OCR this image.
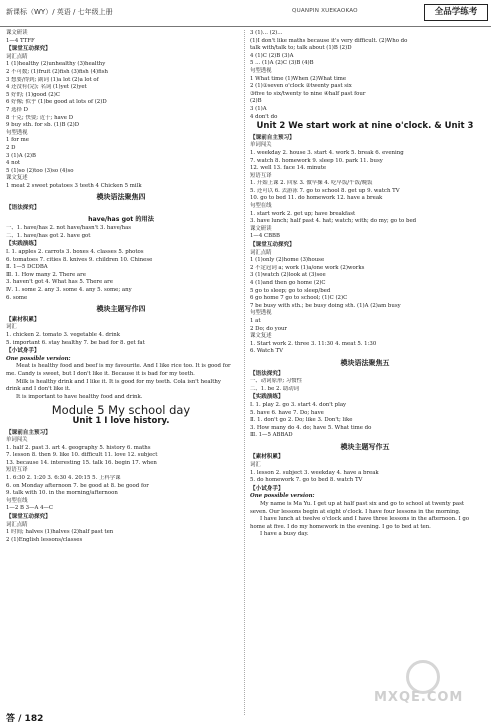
新课标（WY）/ 英语 / 七年级上册	QUANPIN XUEKAOKAO	全品学练考
课文研读
1—4 TTFF
【课堂互动探究】
词汇点睛
1 (1)healthy (2)unhealthy (3)healthy
2 不可数; (1)fruit (2)fish (3)fish (4)fish
3 想要/得到; 副词 (1)a lot (2)a lot of
4 还没有(完); 名词 (1)yet (2)yet
5 好的; (1)good (2)C
6 好像; 似乎 (1)be good at lots of (2)D
7 选择 D
8 千克; 快要; 近于; have D
9 buy sth. for sb. (1)B (2)D
句型透视
1 for me
2 D
3 (1)A (2)B
4 not
5 (1)so (2)too (3)so (4)so
课文复述
1 meat 2 sweet potatoes 3 teeth 4 Chicken 5 milk
模块语法聚焦四
【语法探究】
have/has got 的用法
一、1. have/has 2. not have/hasn't 3. have/has
二、1. have/has got 2. have got
【实践演练】
Ⅰ. 1. apples 2. carrots 3. boxes 4. classes 5. photos
6. tomatoes 7. cities 8. knives 9. children 10. Chinese
Ⅱ. 1—5 DCDBA
Ⅲ. 1. How many 2. There are
3. haven't got 4. What has 5. There are
Ⅳ. 1. some 2. any 3. some 4. any 5. some; any
6. some
模块主题写作四
【素材积累】
词汇
1. chicken 2. tomato 3. vegetable 4. drink
5. important 6. stay healthy 7. be bad for 8. get fat
【小试身手】
One possible version:
Meat is healthy food and beef is my favourite. And I like rice too. It is good for me. Candy is sweet, but I don't like it. Because it is bad for my teeth.
Milk is healthy drink and I like it. It is good for my teeth. Cola isn't healthy drink and I don't like it.
It is important to have healthy food and drink.
Module 5 My school day
Unit 1 I love history.
【课前自主预习】
单词闯关
1. half 2. past 3. art 4. geography 5. history 6. maths
7. lesson 8. then 9. like 10. difficult 11. love 12. subject
13. because 14. interesting 15. talk 16. begin 17. when
短语互译
1. 6:30 2. 1:20 3. 6:30 4. 20:15 5. 上科学课
6. on Monday afternoon 7. be good at 8. be good for
9. talk with 10. in the morning/afternoon
句型在线
1—2 B 3—A 4—C
【课堂互动探究】
词汇点睛
1 时间; halves (1)halves (2)half past ten
2 (1)English lessons/classes
3 (1)... (2)...
(1)I don't like maths because it's very difficult. (2)Who do
talk with/talk to; talk about (1)B (2)D
4 (1)C (2)B (3)A
5 ... (1)A (2)C (3)B (4)B
句型透视
1 What time (1)When (2)What time
2 (1)①seven o'clock ②twenty past six
③five to six/twenty to nine ④half past four
(2)B
3 (1)A
4 don't do
Unit 2 We start work at nine o'clock. & Unit 3
【课前自主预习】
单词闯关
1. weekday 2. house 3. start 4. work 5. break 6. evening
7. watch 8. homework 9. sleep 10. park 11. busy
12. well 13. face 14. minute
短语互译
1. 开始上课 2. 回家 3. 做早操 4. 吃早饭/午饭/晚饭
5. 还可以 6. 去游泳 7. go to school 8. get up 9. watch TV
10. go to bed 11. do homework 12. have a break
句型在线
1. start work 2. get up; have breakfast
3. have lunch; half past 4. hat; watch; with; do my; go to bed
课文研读
1—4 CBBB
【课堂互动探究】
词汇点睛
1 (1)only (2)home (3)house
2 不定冠词 a; work (1)a/one work (2)works
3 (1)watch (2)look at (3)see
4 (1)and then go home (2)C
5 go to sleep; go to sleep/bed
6 go home 7 go to school; (1)C (2)C
7 be busy with sth.; be busy doing sth. (1)A (2)am busy
句型透视
1 at
2 Do; do your
课文复述
1. Start work 2. three 3. 11:30 4. meat 5. 1:30
6. Watch TV
模块语法聚焦五
【语法探究】
一、动词原形; 习惯性
二、1. be 2. 助动词
【实践演练】
Ⅰ. 1. play 2. go 3. start 4. don't play
5. have 6. have 7. Do; have
Ⅱ. 1. don't go 2. Do; like 3. Don't; like
3. How many do 4. do; have 5. What time do
Ⅲ. 1—5 ABBAD
模块主题写作五
【素材积累】
词汇
1. lesson 2. subject 3. weekday 4. have a break
5. do homework 7. go to bed 8. watch TV
【小试身手】
One possible version:
My name is Ma Yu. I get up at half past six and go to school at twenty past seven. Our lessons begin at eight o'clock. I have four lessons in the morning.
I have lunch at twelve o'clock and I have three lessons in the afternoon. I go home at five. I do my homework in the evening. I go to bed at ten.
I have a busy day.
答 / 182
MXQE.COM
